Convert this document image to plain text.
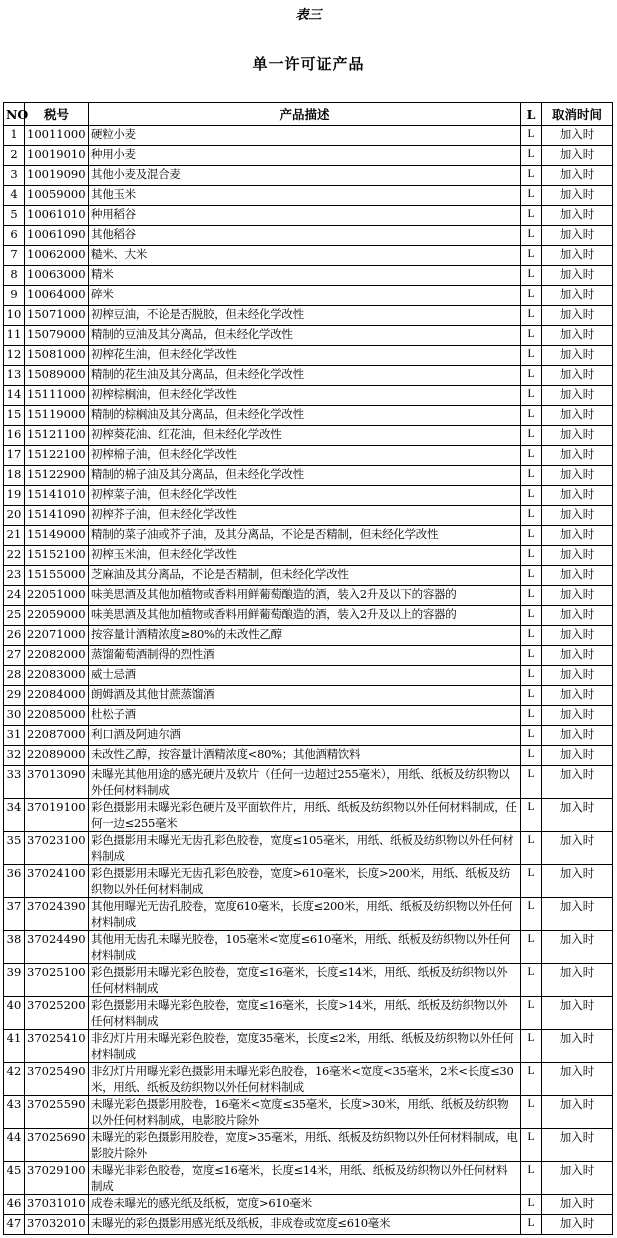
表三
单一许可证产品
NO	税号	产品描述	L	取消时间
1	10011000	硬粒小麦	L	加入时
2	10019010	种用小麦	L	加入时
3	10019090	其他小麦及混合麦	L	加入时
4	10059000	其他玉米	L	加入时
5	10061010	种用稻谷	L	加入时
6	10061090	其他稻谷	L	加入时
7	10062000	糙米、大米	L	加入时
8	10063000	精米	L	加入时
9	10064000	碎米	L	加入时
10	15071000	初榨豆油，不论是否脱胶，但未经化学改性	L	加入时
11	15079000	精制的豆油及其分离品，但未经化学改性	L	加入时
12	15081000	初榨花生油，但未经化学改性	L	加入时
13	15089000	精制的花生油及其分离品，但未经化学改性	L	加入时
14	15111000	初榨棕榈油，但未经化学改性	L	加入时
15	15119000	精制的棕榈油及其分离品，但未经化学改性	L	加入时
16	15121100	初榨葵花油、红花油，但未经化学改性	L	加入时
17	15122100	初榨棉子油，但未经化学改性	L	加入时
18	15122900	精制的棉子油及其分离品，但未经化学改性	L	加入时
19	15141010	初榨菜子油，但未经化学改性	L	加入时
20	15141090	初榨芥子油，但未经化学改性	L	加入时
21	15149000	精制的菜子油或芥子油，及其分离品，不论是否精制，但未经化学改性	L	加入时
22	15152100	初榨玉米油，但未经化学改性	L	加入时
23	15155000	芝麻油及其分离品，不论是否精制，但未经化学改性	L	加入时
24	22051000	味美思酒及其他加植物或香料用鲜葡萄酿造的酒，装入2升及以下的容器的	L	加入时
25	22059000	味美思酒及其他加植物或香料用鲜葡萄酿造的酒，装入2升及以上的容器的	L	加入时
26	22071000	按容量计酒精浓度≥80%的未改性乙醇	L	加入时
27	22082000	蒸馏葡萄酒制得的烈性酒	L	加入时
28	22083000	威士忌酒	L	加入时
29	22084000	朗姆酒及其他甘蔗蒸馏酒	L	加入时
30	22085000	杜松子酒	L	加入时
31	22087000	利口酒及阿迪尔酒	L	加入时
32	22089000	未改性乙醇，按容量计酒精浓度<80%；其他酒精饮料	L	加入时
33	37013090	未曝光其他用途的感光硬片及软片（任何一边超过255毫米），用纸、纸板及纺织物以外任何材料制成	L	加入时
34	37019100	彩色摄影用未曝光彩色硬片及平面软件片，用纸、纸板及纺织物以外任何材料制成，任何一边≤255毫米	L	加入时
35	37023100	彩色摄影用未曝光无齿孔彩色胶卷，宽度≤105毫米，用纸、纸板及纺织物以外任何材料制成	L	加入时
36	37024100	彩色摄影用未曝光无齿孔彩色胶卷，宽度>610毫米，长度>200米，用纸、纸板及纺织物以外任何材料制成	L	加入时
37	37024390	其他用曝光无齿孔胶卷，宽度610毫米，长度≤200米，用纸、纸板及纺织物以外任何材料制成	L	加入时
38	37024490	其他用无齿孔未曝光胶卷，105毫米<宽度≤610毫米，用纸、纸板及纺织物以外任何材料制成	L	加入时
39	37025100	彩色摄影用未曝光彩色胶卷，宽度≤16毫米，长度≤14米，用纸、纸板及纺织物以外任何材料制成	L	加入时
40	37025200	彩色摄影用未曝光彩色胶卷，宽度≤16毫米，长度>14米，用纸、纸板及纺织物以外任何材料制成	L	加入时
41	37025410	非幻灯片用未曝光彩色胶卷，宽度35毫米，长度≤2米，用纸、纸板及纺织物以外任何材料制成	L	加入时
42	37025490	非幻灯片用曝光彩色摄影用未曝光彩色胶卷，16毫米<宽度<35毫米，2米<长度≤30米，用纸、纸板及纺织物以外任何材料制成	L	加入时
43	37025590	未曝光彩色摄影用胶卷，16毫米<宽度≤35毫米，长度>30米，用纸、纸板及纺织物以外任何材料制成，电影胶片除外	L	加入时
44	37025690	未曝光的彩色摄影用胶卷，宽度>35毫米，用纸、纸板及纺织物以外任何材料制成，电影胶片除外	L	加入时
45	37029100	未曝光非彩色胶卷，宽度≤16毫米，长度≤14米，用纸、纸板及纺织物以外任何材料制成	L	加入时
46	37031010	成卷未曝光的感光纸及纸板，宽度>610毫米	L	加入时
47	37032010	未曝光的彩色摄影用感光纸及纸板，非成卷或宽度≤610毫米	L	加入时
